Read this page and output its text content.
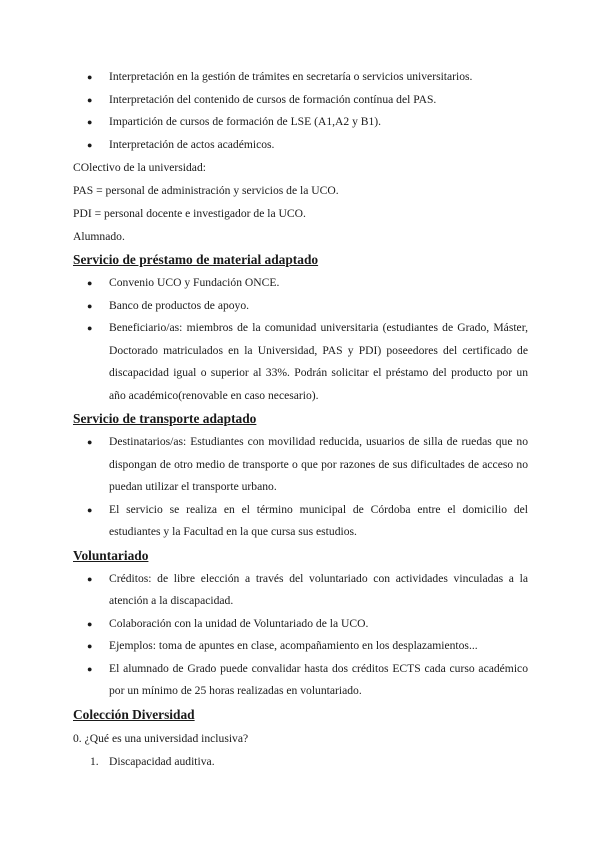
● Interpretación en la gestión de trámites en secretaría o servicios universitarios.
● Interpretación del contenido de cursos de formación contínua del PAS.
● Impartición de cursos de formación de LSE (A1,A2 y B1).
● Interpretación de actos académicos.

COlectivo de la universidad:

PAS = personal de administración y servicios de la UCO.

PDI = personal docente e investigador de la UCO.

Alumnado.

Servicio de préstamo de material adaptado
● Convenio UCO y Fundación ONCE.
● Banco de productos de apoyo.
● Beneficiario/as: miembros de la comunidad universitaria (estudiantes de Grado, Máster, Doctorado matriculados en la Universidad, PAS y PDI) poseedores del certificado de discapacidad igual o superior al 33%. Podrán solicitar el préstamo del producto por un año académico(renovable en caso necesario).
Servicio de transporte adaptado
● Destinatarios/as: Estudiantes con movilidad reducida, usuarios de silla de ruedas que no dispongan de otro medio de transporte o que por razones de sus dificultades de acceso no puedan utilizar el transporte urbano.
● El servicio se realiza en el término municipal de Córdoba entre el domicilio del estudiantes y la Facultad en la que cursa sus estudios.
Voluntariado
● Créditos: de libre elección a través del voluntariado con actividades vinculadas a la atención a la discapacidad.
● Colaboración con la unidad de Voluntariado de la UCO.
● Ejemplos: toma de apuntes en clase, acompañamiento en los desplazamientos...
● El alumnado de Grado puede convalidar hasta dos créditos ECTS cada curso académico por un mínimo de 25 horas realizadas en voluntariado.
Colección Diversidad

0. ¿Qué es una universidad inclusiva?

1. Discapacidad auditiva.
